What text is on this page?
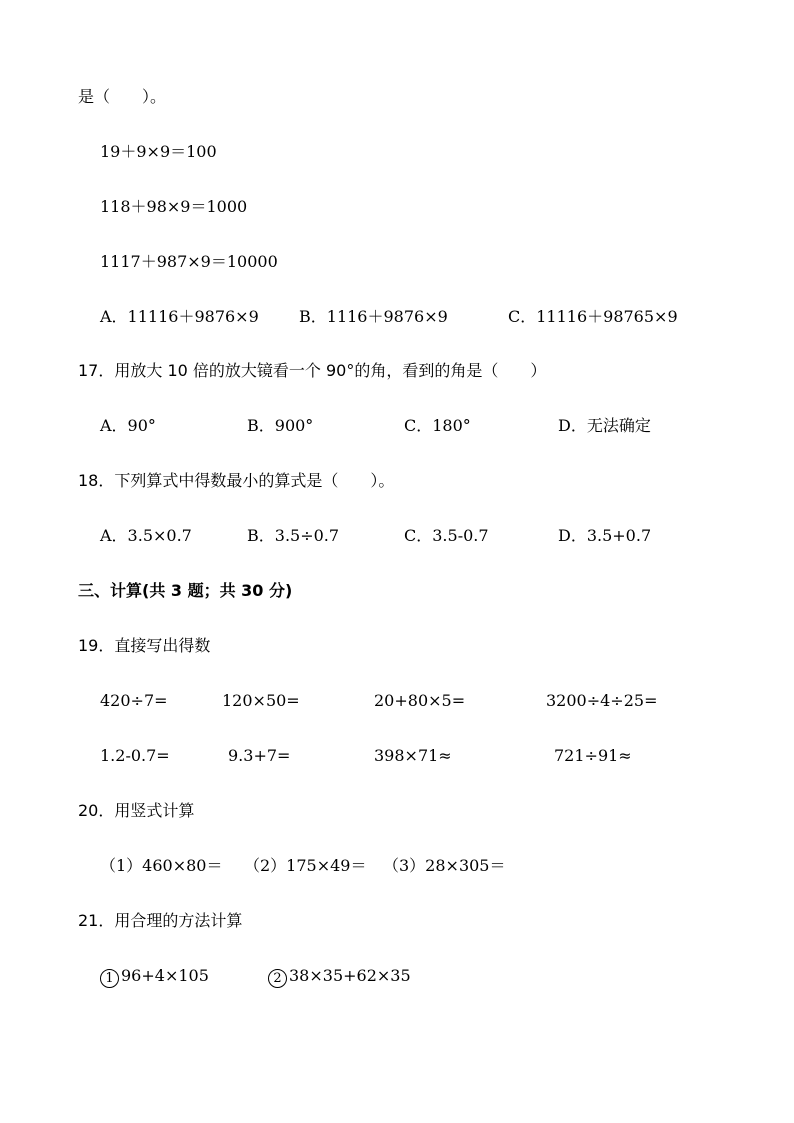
是（　　）。
19＋9×9＝100
118＋98×9＝1000
1117＋987×9＝10000
A．11116＋9876×9	B．1116＋9876×9	C．11116＋98765×9
17．用放大 10 倍的放大镜看一个 90°的角，看到的角是（　　）
A．90°	B．900°	C．180°	D．无法确定
18．下列算式中得数最小的算式是（　　）。
A．3.5×0.7	B．3.5÷0.7	C．3.5-0.7	D．3.5+0.7
三、计算(共 3 题；共 30 分)
19．直接写出得数
420÷7=	120×50=	20+80×5=	3200÷4÷25=
1.2-0.7=	9.3+7=	398×71≈	721÷91≈
20．用竖式计算
（1）460×80＝ （2）175×49＝ （3）28×305＝
21．用合理的方法计算
1 96+4×105	2 38×35+62×35
